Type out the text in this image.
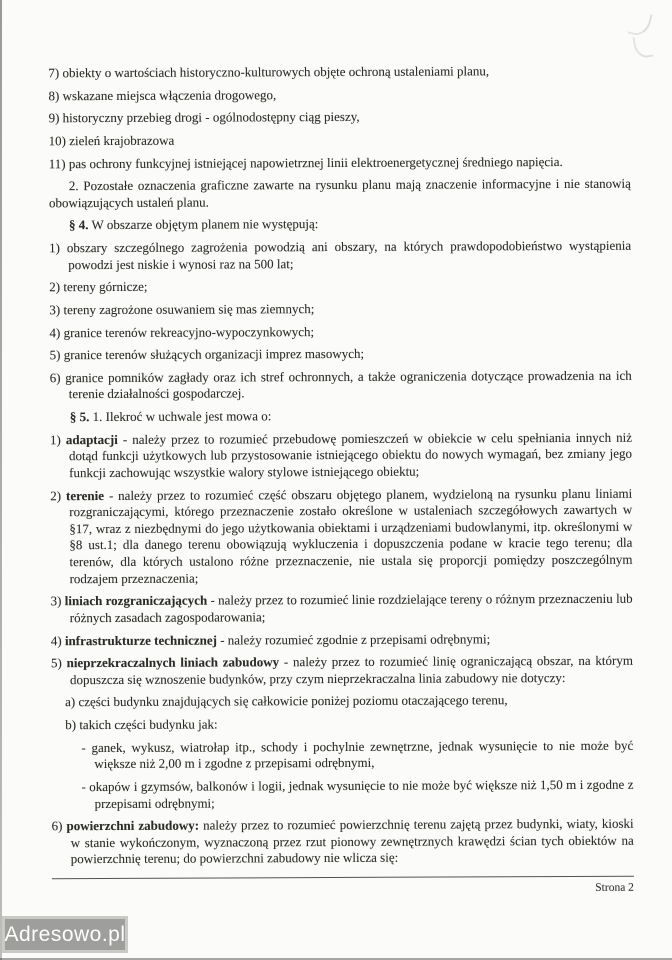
7) obiekty o wartościach historyczno-kulturowych objęte ochroną ustaleniami planu,

8) wskazane miejsca włączenia drogowego,

9) historyczny przebieg drogi - ogólnodostępny ciąg pieszy,

10) zieleń krajobrazowa

11) pas ochrony funkcyjnej istniejącej napowietrznej linii elektroenergetycznej średniego napięcia.

2. Pozostałe oznaczenia graficzne zawarte na rysunku planu mają znaczenie informacyjne i nie stanowią obowiązujących ustaleń planu.

§ 4. W obszarze objętym planem nie występują:

1) obszary szczególnego zagrożenia powodzią ani obszary, na których prawdopodobieństwo wystąpienia powodzi jest niskie i wynosi raz na 500 lat;

2) tereny górnicze;

3) tereny zagrożone osuwaniem się mas ziemnych;

4) granice terenów rekreacyjno-wypoczynkowych;

5) granice terenów służących organizacji imprez masowych;

6) granice pomników zagłady oraz ich stref ochronnych, a także ograniczenia dotyczące prowadzenia na ich terenie działalności gospodarczej.

§ 5. 1. Ilekroć w uchwale jest mowa o:

1) adaptacji - należy przez to rozumieć przebudowę pomieszczeń w obiekcie w celu spełniania innych niż dotąd funkcji użytkowych lub przystosowanie istniejącego obiektu do nowych wymagań, bez zmiany jego funkcji zachowując wszystkie walory stylowe istniejącego obiektu;

2) terenie - należy przez to rozumieć część obszaru objętego planem, wydzieloną na rysunku planu liniami rozgraniczającymi, którego przeznaczenie zostało określone w ustaleniach szczegółowych zawartych w §17, wraz z niezbędnymi do jego użytkowania obiektami i urządzeniami budowlanymi, itp. określonymi w §8 ust.1; dla danego terenu obowiązują wykluczenia i dopuszczenia podane w kracie tego terenu; dla terenów, dla których ustalono różne przeznaczenie, nie ustala się proporcji pomiędzy poszczególnym rodzajem przeznaczenia;

3) liniach rozgraniczających - należy przez to rozumieć linie rozdzielające tereny o różnym przeznaczeniu lub różnych zasadach zagospodarowania;

4) infrastrukturze technicznej - należy rozumieć zgodnie z przepisami odrębnymi;

5) nieprzekraczalnych liniach zabudowy - należy przez to rozumieć linię ograniczającą obszar, na którym dopuszcza się wznoszenie budynków, przy czym nieprzekraczalna linia zabudowy nie dotyczy:

a) części budynku znajdujących się całkowicie poniżej poziomu otaczającego terenu,

b) takich części budynku jak:

- ganek, wykusz, wiatrołap itp., schody i pochylnie zewnętrzne, jednak wysunięcie to nie może być większe niż 2,00 m i zgodne z przepisami odrębnymi,

- okapów i gzymsów, balkonów i logii, jednak wysunięcie to nie może być większe niż 1,50 m i zgodne z przepisami odrębnymi;

6) powierzchni zabudowy: należy przez to rozumieć powierzchnię terenu zajętą przez budynki, wiaty, kioski w stanie wykończonym, wyznaczoną przez rzut pionowy zewnętrznych krawędzi ścian tych obiektów na powierzchnię terenu; do powierzchni zabudowy nie wlicza się:

Strona 2

Adresowo.pl
